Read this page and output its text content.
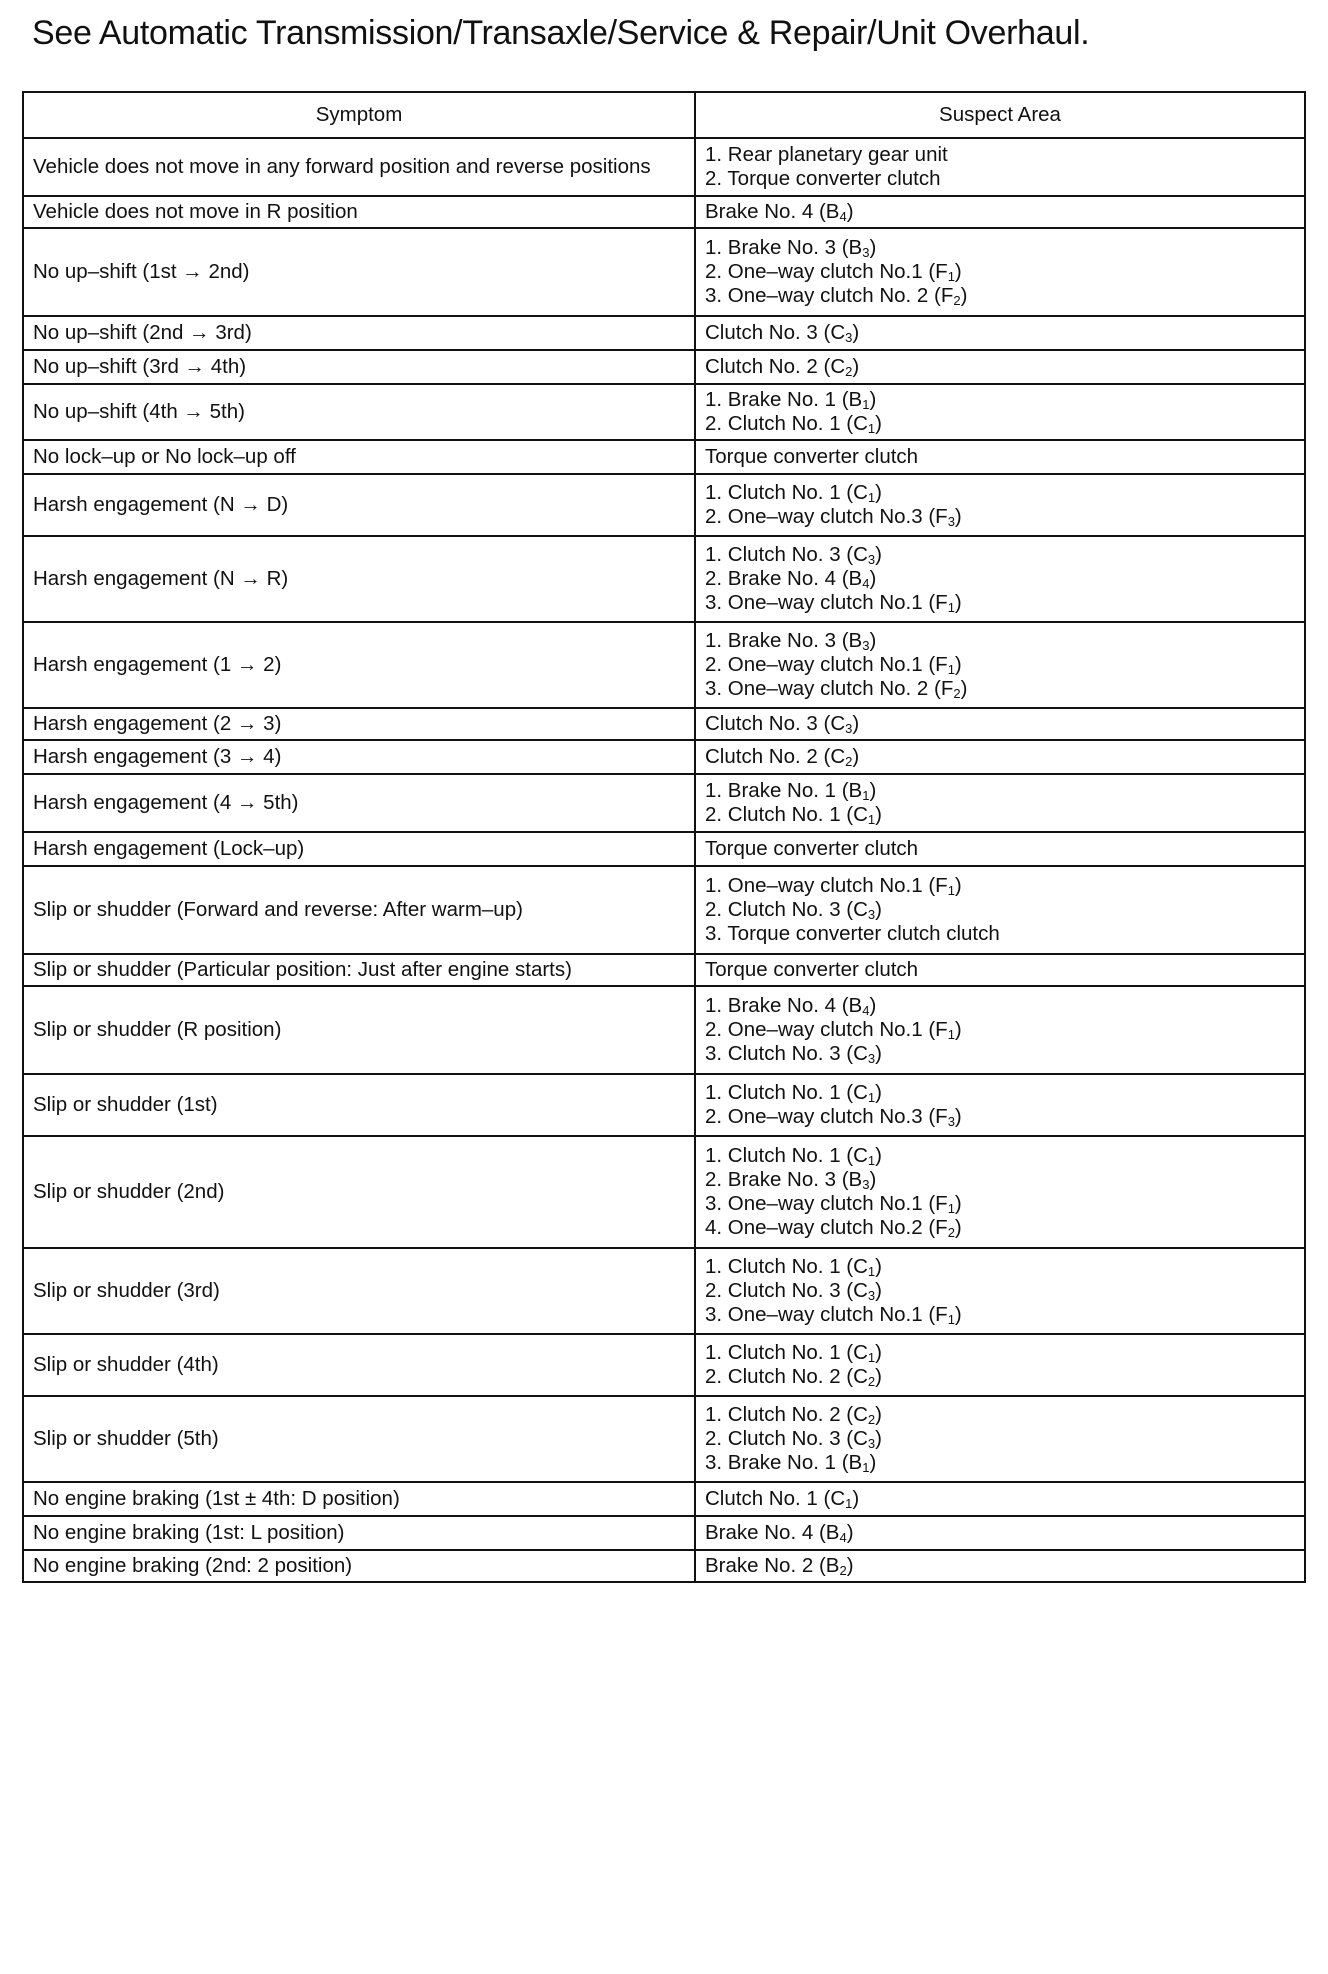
See Automatic Transmission/Transaxle/Service & Repair/Unit Overhaul.
Symptom	Suspect Area
Vehicle does not move in any forward position and reverse positions	1. Rear planetary gear unit
2. Torque converter clutch

Vehicle does not move in R position	Brake No. 4 $(B_4)$

No up–shift (1st → 2nd)	1. Brake No. 3 $(B_3)$
2. One–way clutch No.1 $(F_1)$
3. One–way clutch No. 2 $(F_2)$

No up–shift (2nd → 3rd)	Clutch No. 3 $(C_3)$

No up–shift (3rd → 4th)	Clutch No. 2 $(C_2)$

No up–shift (4th → 5th)	1. Brake No. 1 $(B_1)$
2. Clutch No. 1 $(C_1)$

No lock–up or No lock–up off	Torque converter clutch

Harsh engagement (N → D)	1. Clutch No. 1 $(C_1)$
2. One–way clutch No.3 $(F_3)$

Harsh engagement (N → R)	1. Clutch No. 3 $(C_3)$
2. Brake No. 4 $(B_4)$
3. One–way clutch No.1 $(F_1)$

Harsh engagement (1 → 2)	1. Brake No. 3 $(B_3)$
2. One–way clutch No.1 $(F_1)$
3. One–way clutch No. 2 $(F_2)$

Harsh engagement (2 → 3)	Clutch No. 3 $(C_3)$

Harsh engagement (3 → 4)	Clutch No. 2 $(C_2)$

Harsh engagement (4 → 5th)	1. Brake No. 1 $(B_1)$
2. Clutch No. 1 $(C_1)$

Harsh engagement (Lock–up)	Torque converter clutch

Slip or shudder (Forward and reverse: After warm–up)	1. One–way clutch No.1 $(F_1)$
2. Clutch No. 3 $(C_3)$
3. Torque converter clutch clutch

Slip or shudder (Particular position: Just after engine starts)	Torque converter clutch

Slip or shudder (R position)	1. Brake No. 4 $(B_4)$
2. One–way clutch No.1 $(F_1)$
3. Clutch No. 3 $(C_3)$

Slip or shudder (1st)	1. Clutch No. 1 $(C_1)$
2. One–way clutch No.3 $(F_3)$

Slip or shudder (2nd)	1. Clutch No. 1 $(C_1)$
2. Brake No. 3 $(B_3)$
3. One–way clutch No.1 $(F_1)$
4. One–way clutch No.2 $(F_2)$

Slip or shudder (3rd)	1. Clutch No. 1 $(C_1)$
2. Clutch No. 3 $(C_3)$
3. One–way clutch No.1 $(F_1)$

Slip or shudder (4th)	1. Clutch No. 1 $(C_1)$
2. Clutch No. 2 $(C_2)$

Slip or shudder (5th)	1. Clutch No. 2 $(C_2)$
2. Clutch No. 3 $(C_3)$
3. Brake No. 1 $(B_1)$

No engine braking (1st ± 4th: D position)	Clutch No. 1 $(C_1)$

No engine braking (1st: L position)	Brake No. 4 $(B_4)$

No engine braking (2nd: 2 position)	Brake No. 2 $(B_2)$
